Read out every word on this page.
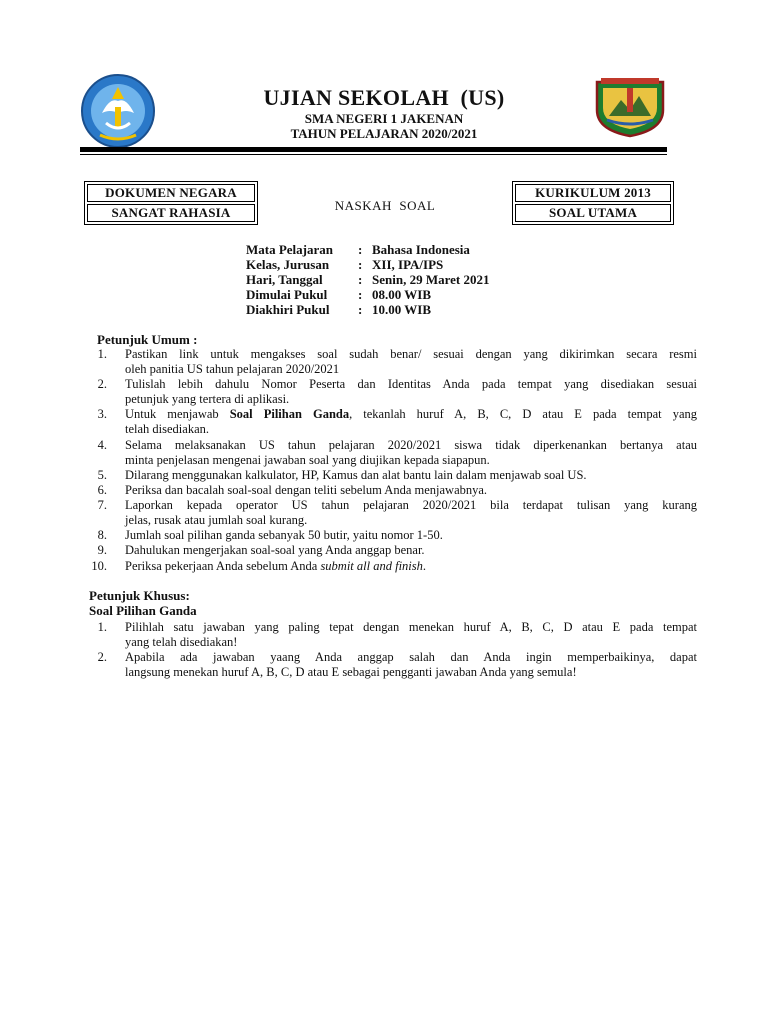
UJIAN SEKOLAH  (US)
SMA NEGERI 1 JAKENAN
TAHUN PELAJARAN 2020/2021
DOKUMEN NEGARA
SANGAT RAHASIA	NASKAH  SOAL
KURIKULUM 2013
SOAL UTAMA
Mata Pelajaran : Bahasa Indonesia
Kelas, Jurusan : XII, IPA/IPS
Hari, Tanggal	: Senin, 29 Maret 2021
Dimulai Pukul : 08.00 WIB
Diakhiri Pukul : 10.00 WIB
Petunjuk Umum :
1. Pastikan link untuk mengakses soal sudah benar/ sesuai dengan yang dikirimkan secara resmi
oleh panitia US tahun pelajaran 2020/2021
2. Tulislah lebih dahulu Nomor Peserta dan Identitas Anda pada tempat yang disediakan sesuai
petunjuk yang tertera di aplikasi.
3. Untuk menjawab Soal Pilihan Ganda, tekanlah huruf A, B, C, D atau E pada tempat yang
telah disediakan.
4. Selama melaksanakan US tahun pelajaran 2020/2021 siswa tidak diperkenankan bertanya atau
minta penjelasan mengenai jawaban soal yang diujikan kepada siapapun.
5. Dilarang menggunakan kalkulator, HP, Kamus dan alat bantu lain dalam menjawab soal US.
6. Periksa dan bacalah soal-soal dengan teliti sebelum Anda menjawabnya.
7. Laporkan kepada operator US tahun pelajaran 2020/2021 bila terdapat tulisan yang kurang
jelas, rusak atau jumlah soal kurang.
8. Jumlah soal pilihan ganda sebanyak 50 butir, yaitu nomor 1-50.
9. Dahulukan mengerjakan soal-soal yang Anda anggap benar.
10. Periksa pekerjaan Anda sebelum Anda submit all and finish.
Petunjuk Khusus:
Soal Pilihan Ganda
1. Pilihlah satu jawaban yang paling tepat dengan menekan huruf A, B, C, D atau E pada tempat
yang telah disediakan!
2. Apabila ada jawaban yaang Anda anggap salah dan Anda ingin memperbaikinya, dapat
langsung menekan huruf A, B, C, D atau E sebagai pengganti jawaban Anda yang semula!
